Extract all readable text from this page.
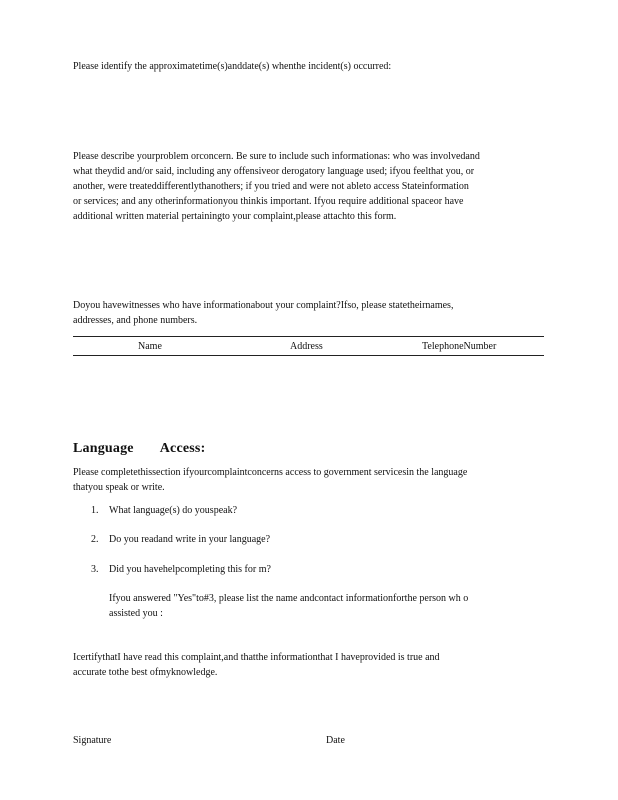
Please identify the approximatetime(s)anddate(s) whenthe incident(s) occurred:
Please describe yourproblem orconcern. Be sure to include such informationas: who was involvedand
what theydid and/or said, including any offensiveor derogatory language used; ifyou feelthat you, or
another, were treateddifferentlythanothers; if you tried and were not ableto access Stateinformation
or services; and any otherinformationyou thinkis important. Ifyou require additional spaceor have
additional written material pertainingto your complaint,please attachto this form.
Doyou havewitnesses who have informationabout your complaint?Ifso, please statetheirnames,
addresses, and phone numbers.
Name	Address	TelephoneNumber
Language Access:
Please completethissection ifyourcomplaintconcerns access to government servicesin the language
thatyou speak or write.
1. What language(s) do youspeak?
2. Do you readand write in your language?
3. Did you havehelpcompleting this for m?
Ifyou answered "Yes"to#3, please list the name andcontact informationforthe person wh o
assisted you :
IcertifythatI have read this complaint,and thatthe informationthat I haveprovided is true and
accurate tothe best ofmyknowledge.
Signature	Date
